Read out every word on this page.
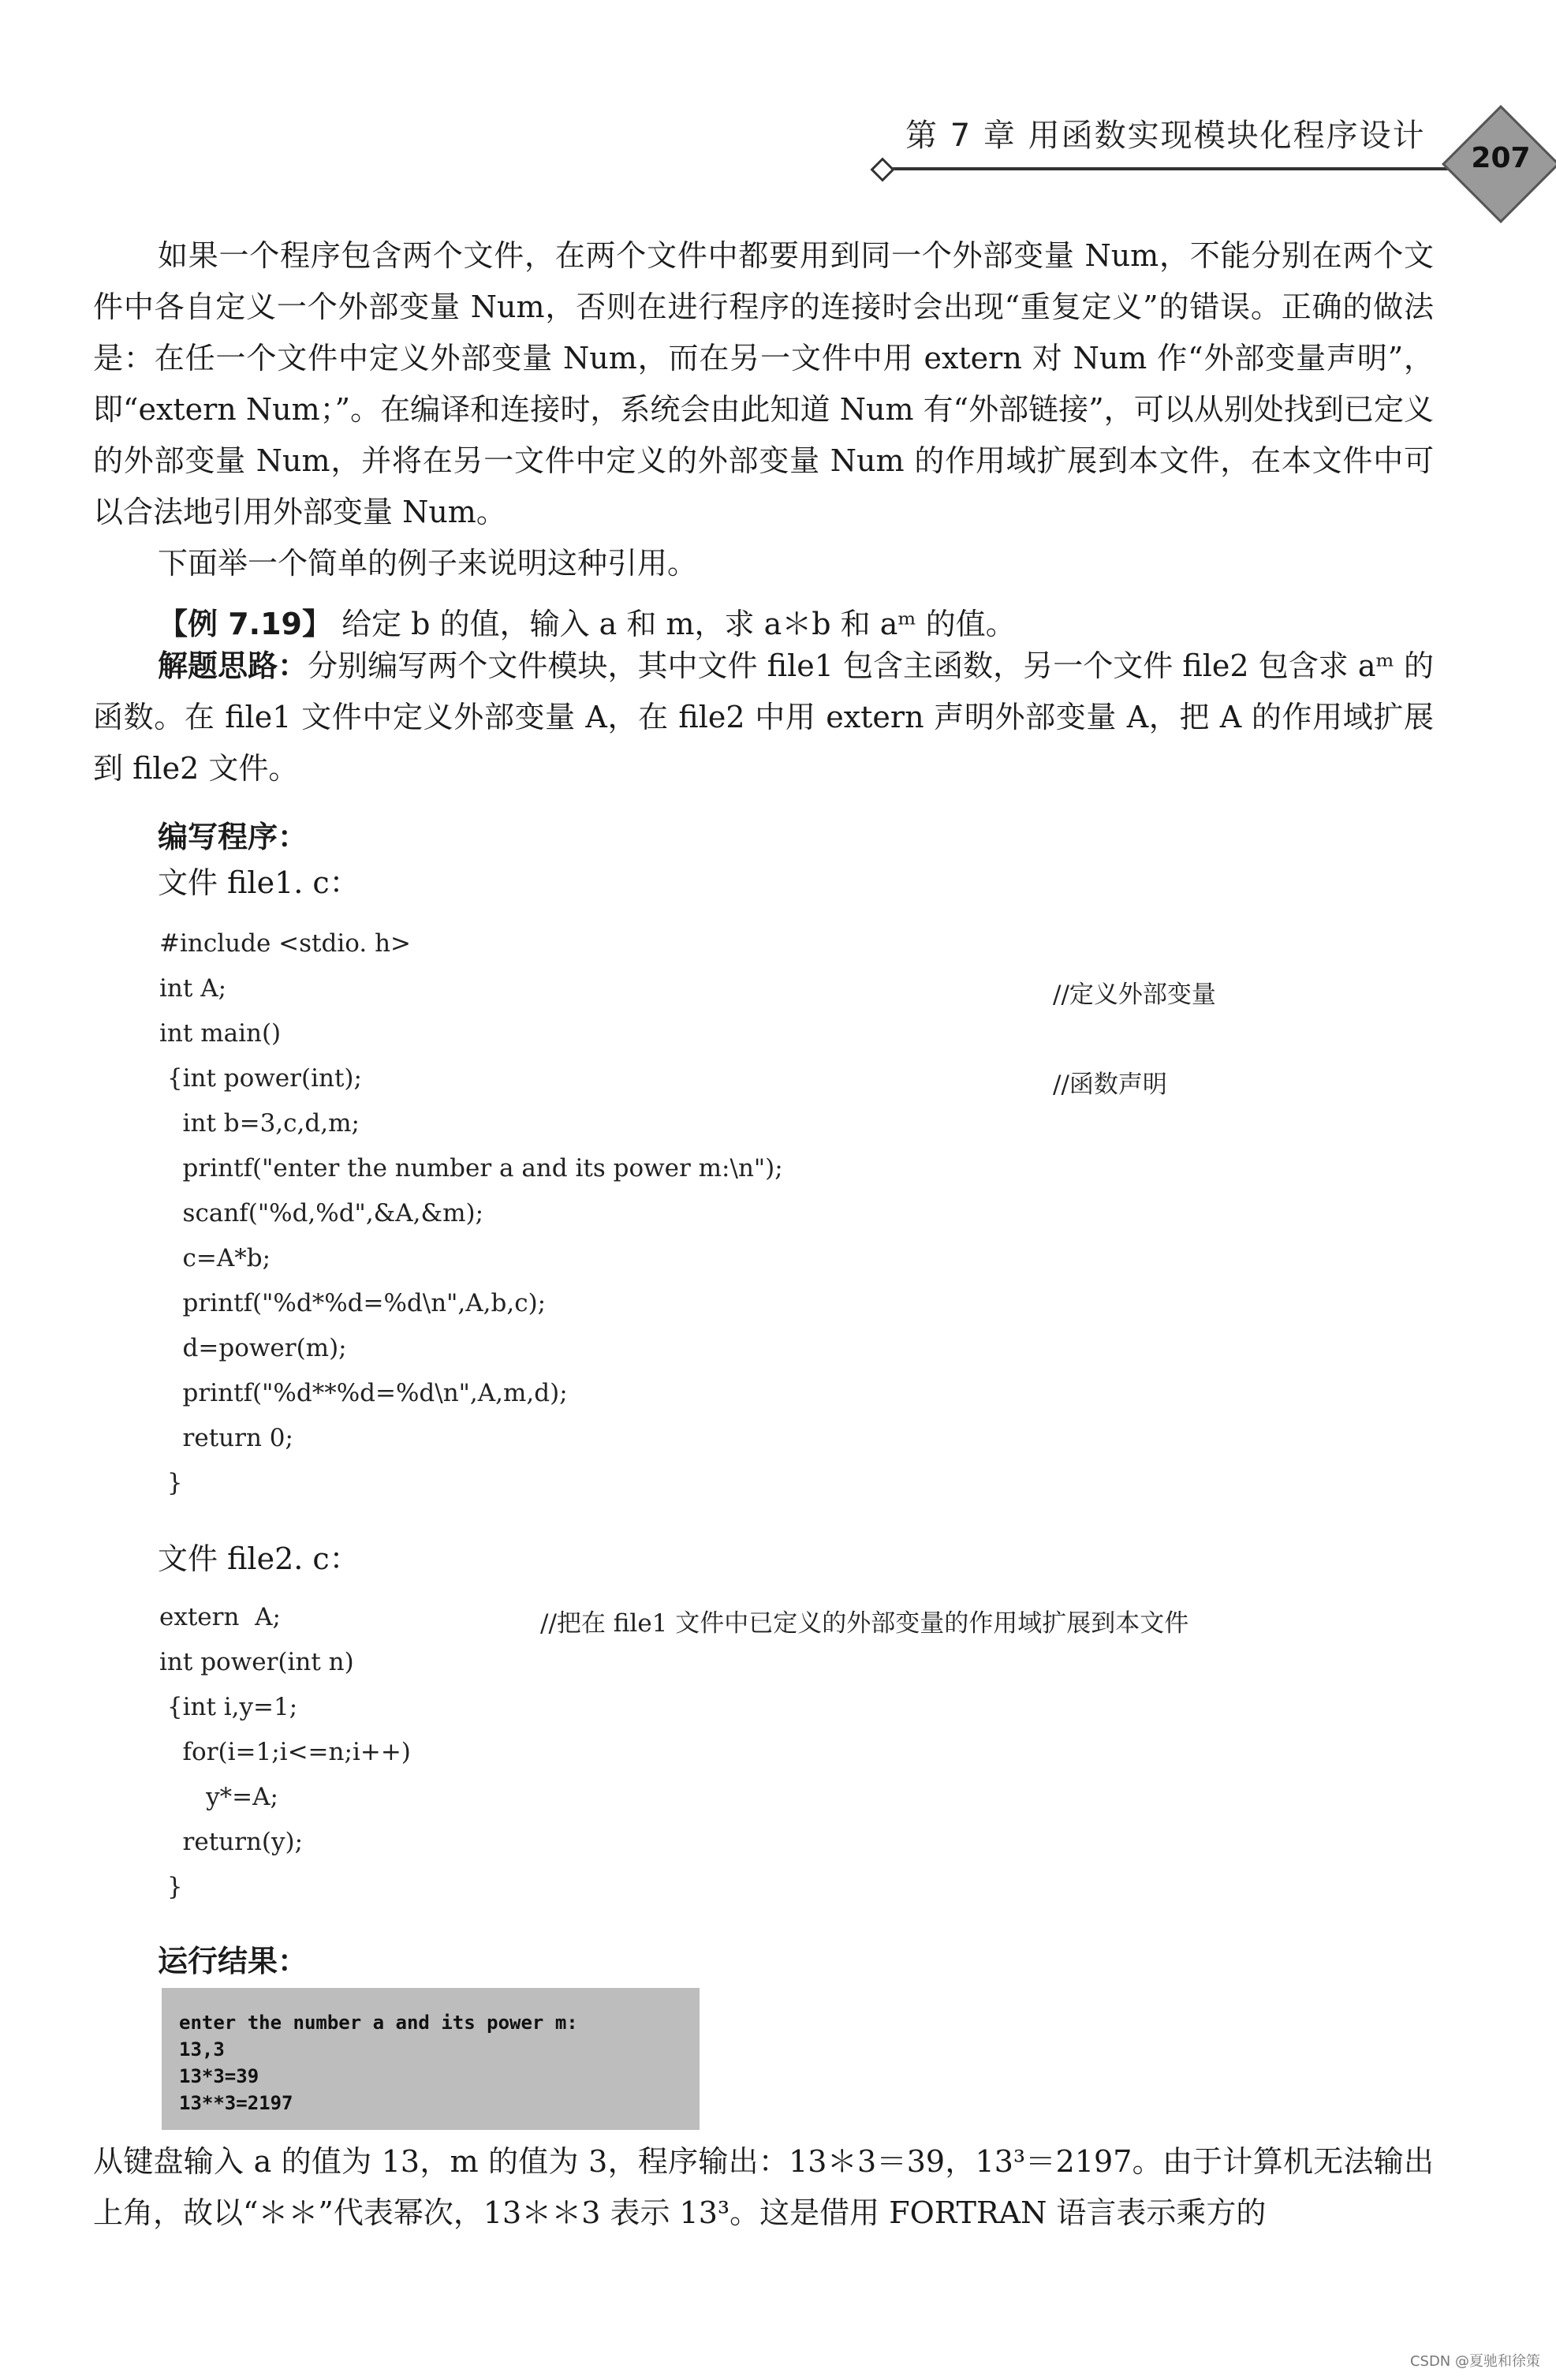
第 7 章 用函数实现模块化程序设计
207

如果一个程序包含两个文件，在两个文件中都要用到同一个外部变量 Num，不能分别在两个文件中各自定义一个外部变量 Num，否则在进行程序的连接时会出现“重复定义”的错误。正确的做法是：在任一个文件中定义外部变量 Num，而在另一文件中用 extern 对 Num 作“外部变量声明”，即“extern Num；”。在编译和连接时，系统会由此知道 Num 有“外部链接”，可以从别处找到已定义的外部变量 Num，并将在另一文件中定义的外部变量 Num 的作用域扩展到本文件，在本文件中可以合法地引用外部变量 Num。

下面举一个简单的例子来说明这种引用。

【例 7.19】 给定 b 的值，输入 a 和 m，求 a＊b 和 aᵐ 的值。

解题思路：分别编写两个文件模块，其中文件 file1 包含主函数，另一个文件 file2 包含求 aᵐ 的函数。在 file1 文件中定义外部变量 A，在 file2 中用 extern 声明外部变量 A，把 A 的作用域扩展到 file2 文件。

编写程序：
文件 file1. c：
#include <stdio. h>
int A;
int main()
{int power(int);
int b=3,c,d,m;
printf("enter the number a and its power m:\n");
scanf("%d,%d",&A,&m);
c=A*b;
printf("%d*%d=%d\n",A,b,c);
d=power(m);
printf("%d**%d=%d\n",A,m,d);
return 0;
}
//定义外部变量
//函数声明
文件 file2. c：
extern  A;
int power(int n)
{int i,y=1;
for(i=1;i<=n;i++)
y*=A;
return(y);
}
//把在 file1 文件中已定义的外部变量的作用域扩展到本文件
运行结果：
enter the number a and its power m:
13,3
13*3=39
13**3=2197

从键盘输入 a 的值为 13，m 的值为 3，程序输出：13＊3＝39，13³＝2197。由于计算机无法输出上角，故以“＊＊”代表幂次，13＊＊3 表示 13³。这是借用 FORTRAN 语言表示乘方的

CSDN @夏驰和徐策
